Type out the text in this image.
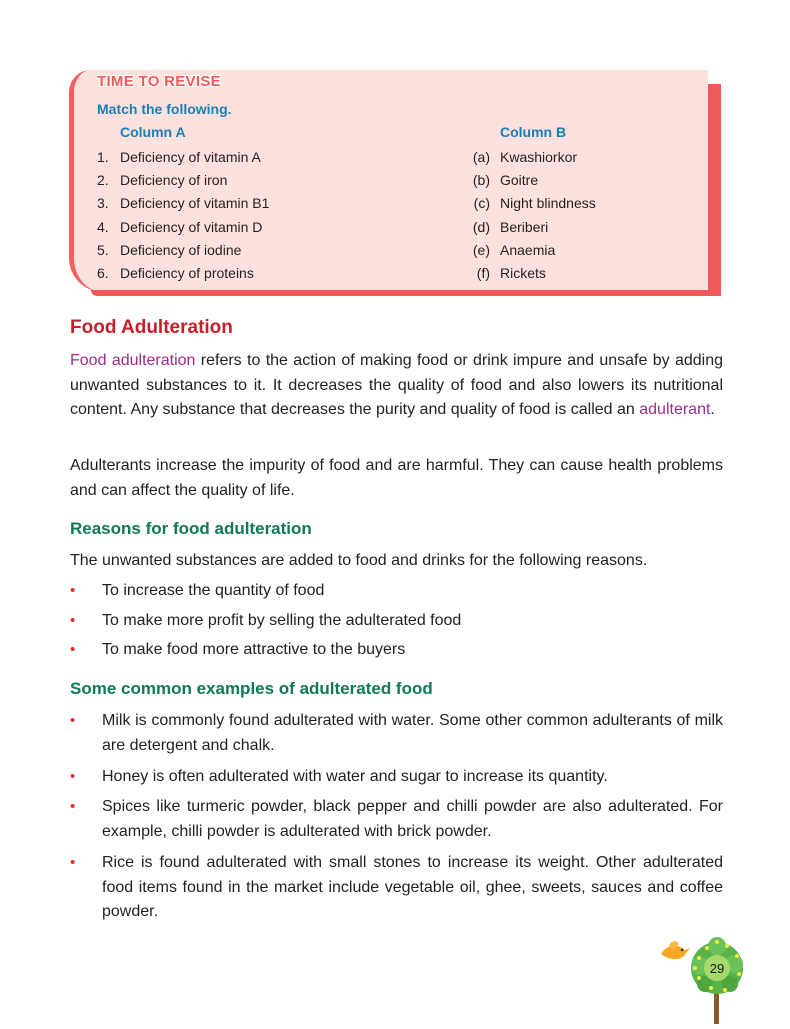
TIME TO REVISE
Match the following.
Column A	Column B
1. Deficiency of vitamin A	(a) Kwashiorkor
2. Deficiency of iron	(b) Goitre
3. Deficiency of vitamin B1	(c) Night blindness
4. Deficiency of vitamin D	(d) Beriberi
5. Deficiency of iodine	(e) Anaemia
6. Deficiency of proteins	(f) Rickets
Food Adulteration

Food adulteration refers to the action of making food or drink impure and unsafe by adding unwanted substances to it. It decreases the quality of food and also lowers its nutritional content. Any substance that decreases the purity and quality of food is called an adulterant.

Adulterants increase the impurity of food and are harmful. They can cause health problems and can affect the quality of life.

Reasons for food adulteration

The unwanted substances are added to food and drinks for the following reasons.

• To increase the quantity of food
• To make more profit by selling the adulterated food
• To make food more attractive to the buyers
Some common examples of adulterated food
• Milk is commonly found adulterated with water. Some other common adulterants of milk are detergent and chalk.
• Honey is often adulterated with water and sugar to increase its quantity.
• Spices like turmeric powder, black pepper and chilli powder are also adulterated. For example, chilli powder is adulterated with brick powder.
• Rice is found adulterated with small stones to increase its weight. Other adulterated food items found in the market include vegetable oil, ghee, sweets, sauces and coffee powder.
29
